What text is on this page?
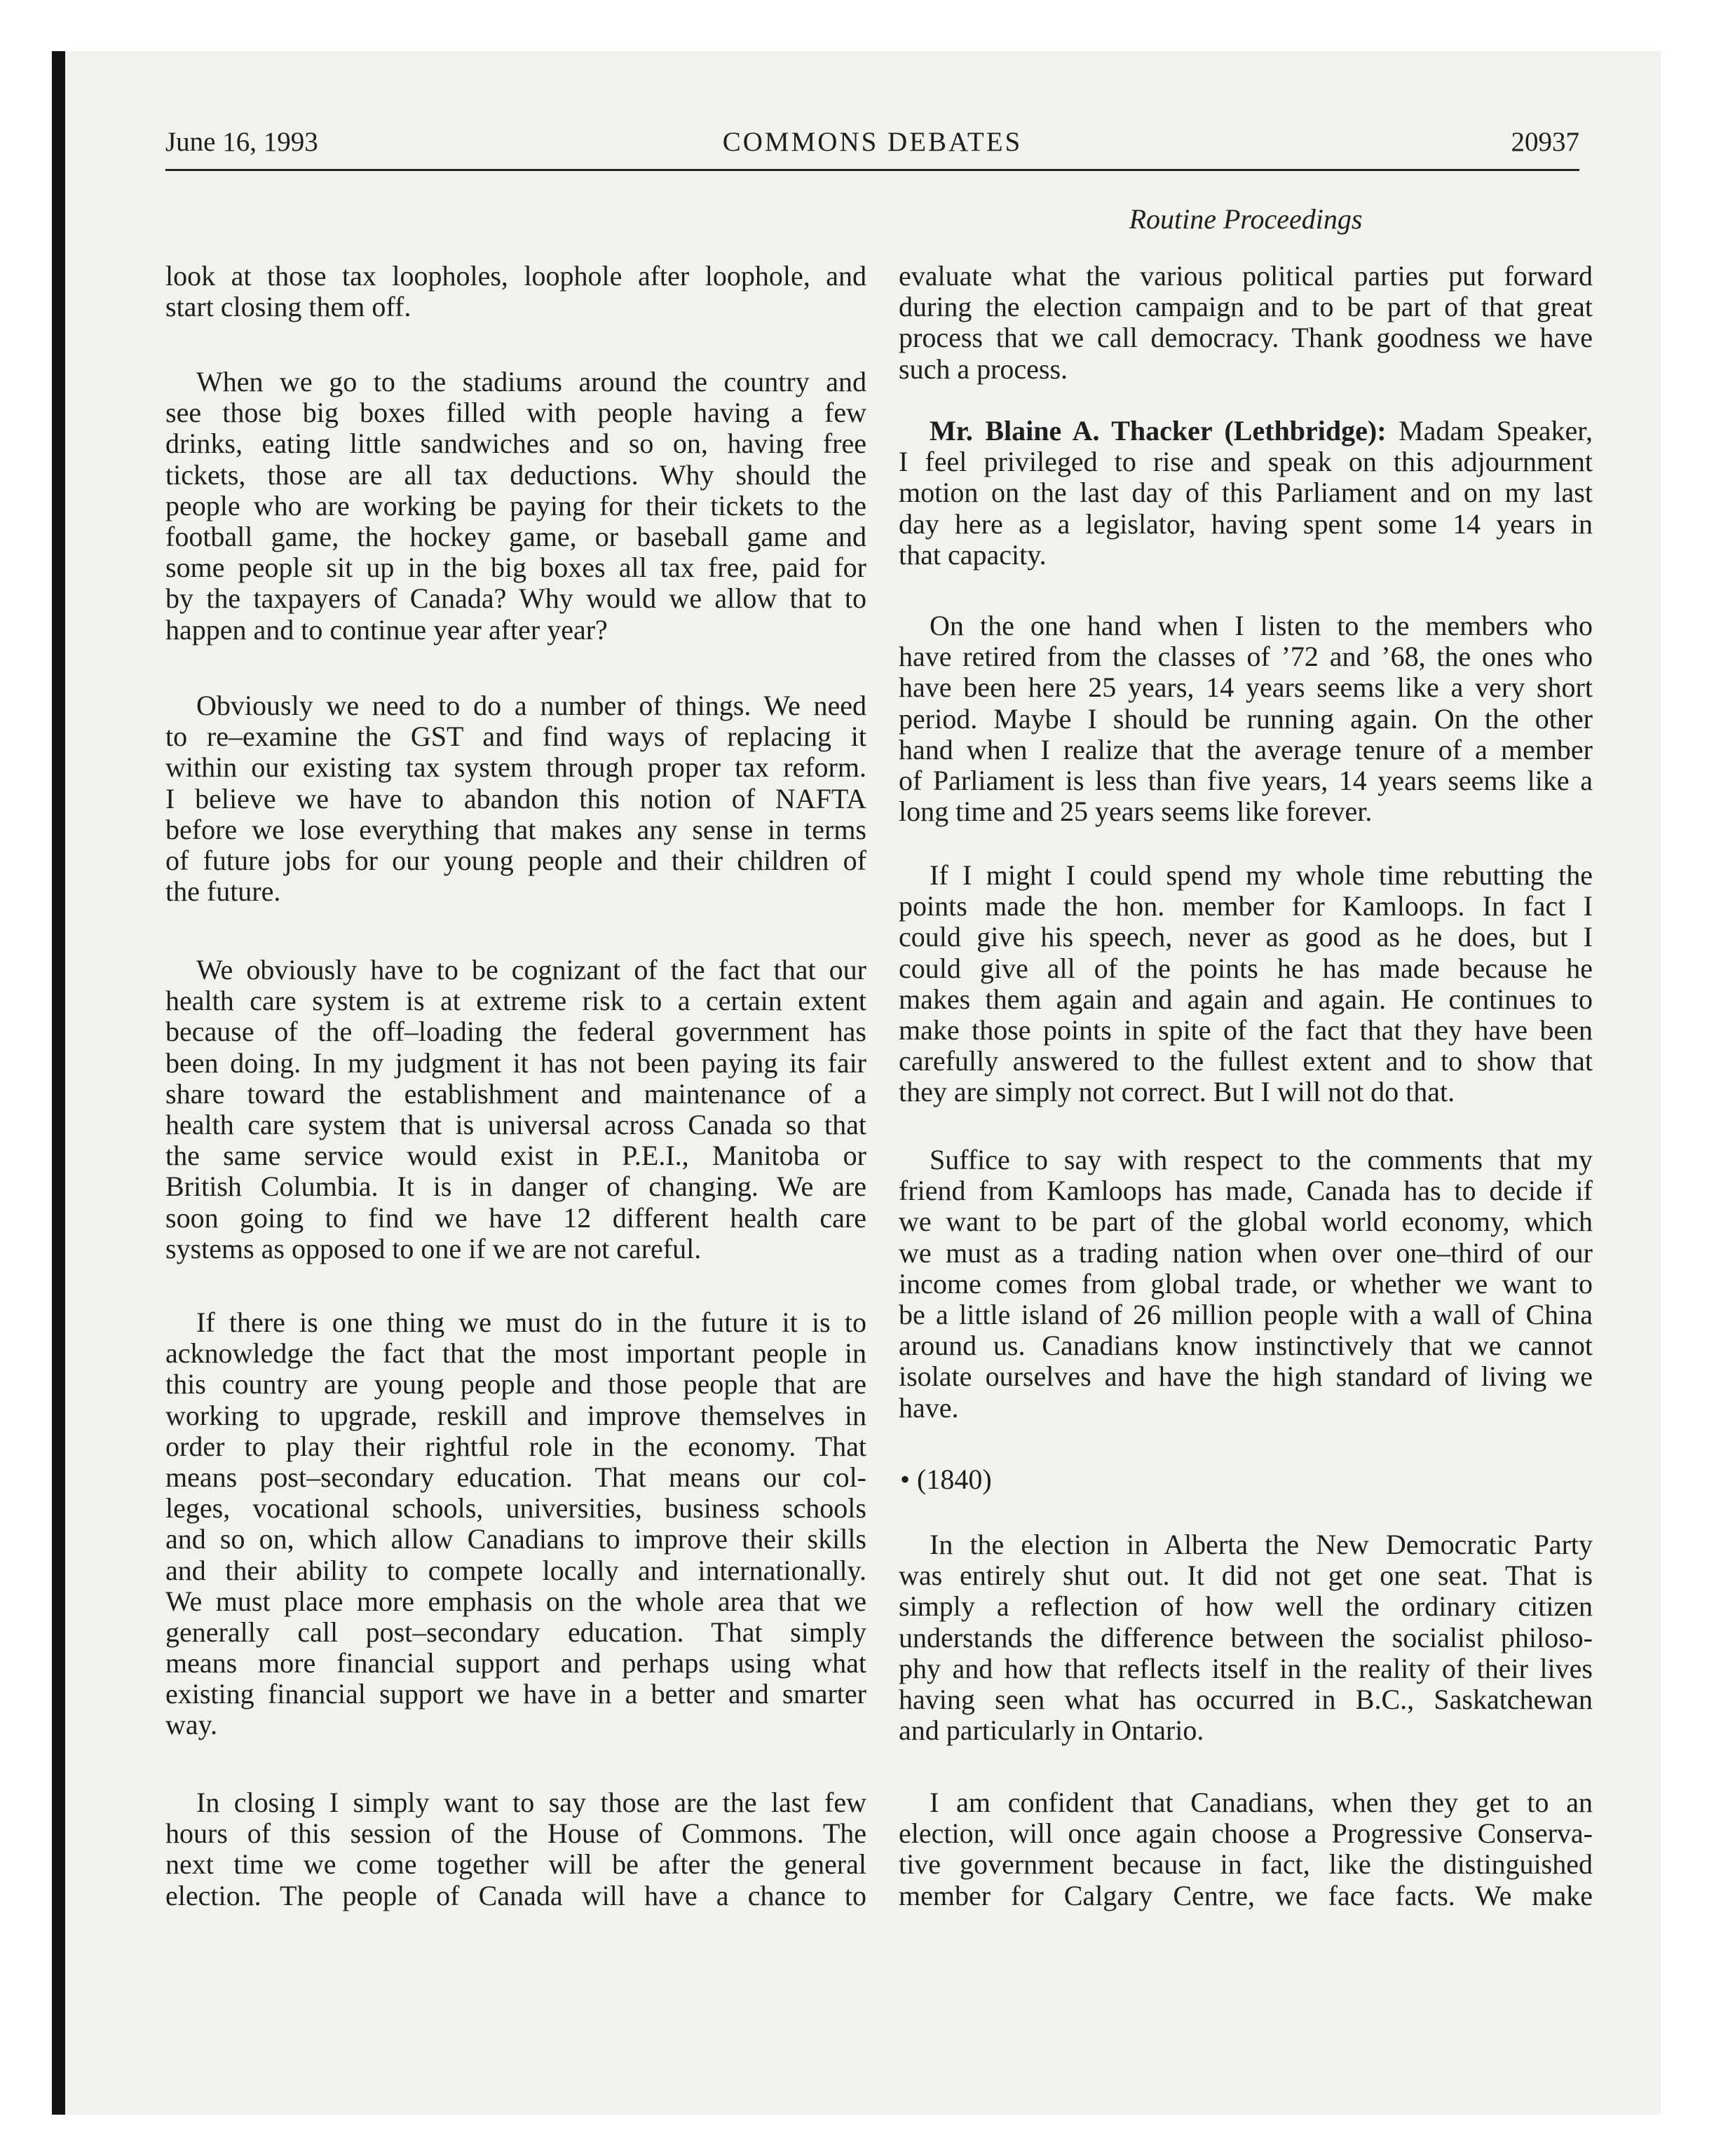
June 16, 1993	COMMONS DEBATES	20937
Routine Proceedings
look at those tax loopholes, loophole after loophole, and
start closing them off.
When we go to the stadiums around the country and
see those big boxes filled with people having a few
drinks, eating little sandwiches and so on, having free
tickets, those are all tax deductions. Why should the
people who are working be paying for their tickets to the
football game, the hockey game, or baseball game and
some people sit up in the big boxes all tax free, paid for
by the taxpayers of Canada? Why would we allow that to
happen and to continue year after year?
Obviously we need to do a number of things. We need
to re–examine the GST and find ways of replacing it
within our existing tax system through proper tax reform.
I believe we have to abandon this notion of NAFTA
before we lose everything that makes any sense in terms
of future jobs for our young people and their children of
the future.
We obviously have to be cognizant of the fact that our
health care system is at extreme risk to a certain extent
because of the off–loading the federal government has
been doing. In my judgment it has not been paying its fair
share toward the establishment and maintenance of a
health care system that is universal across Canada so that
the same service would exist in P.E.I., Manitoba or
British Columbia. It is in danger of changing. We are
soon going to find we have 12 different health care
systems as opposed to one if we are not careful.
If there is one thing we must do in the future it is to
acknowledge the fact that the most important people in
this country are young people and those people that are
working to upgrade, reskill and improve themselves in
order to play their rightful role in the economy. That
means post–secondary education. That means our col-
leges, vocational schools, universities, business schools
and so on, which allow Canadians to improve their skills
and their ability to compete locally and internationally.
We must place more emphasis on the whole area that we
generally call post–secondary education. That simply
means more financial support and perhaps using what
existing financial support we have in a better and smarter
way.
In closing I simply want to say those are the last few
hours of this session of the House of Commons. The
next time we come together will be after the general
election. The people of Canada will have a chance to
evaluate what the various political parties put forward
during the election campaign and to be part of that great
process that we call democracy. Thank goodness we have
such a process.
Mr. Blaine A. Thacker (Lethbridge): Madam Speaker,
I feel privileged to rise and speak on this adjournment
motion on the last day of this Parliament and on my last
day here as a legislator, having spent some 14 years in
that capacity.
On the one hand when I listen to the members who
have retired from the classes of ’72 and ’68, the ones who
have been here 25 years, 14 years seems like a very short
period. Maybe I should be running again. On the other
hand when I realize that the average tenure of a member
of Parliament is less than five years, 14 years seems like a
long time and 25 years seems like forever.
If I might I could spend my whole time rebutting the
points made the hon. member for Kamloops. In fact I
could give his speech, never as good as he does, but I
could give all of the points he has made because he
makes them again and again and again. He continues to
make those points in spite of the fact that they have been
carefully answered to the fullest extent and to show that
they are simply not correct. But I will not do that.
Suffice to say with respect to the comments that my
friend from Kamloops has made, Canada has to decide if
we want to be part of the global world economy, which
we must as a trading nation when over one–third of our
income comes from global trade, or whether we want to
be a little island of 26 million people with a wall of China
around us. Canadians know instinctively that we cannot
isolate ourselves and have the high standard of living we
have.
• (1840)
In the election in Alberta the New Democratic Party
was entirely shut out. It did not get one seat. That is
simply a reflection of how well the ordinary citizen
understands the difference between the socialist philoso-
phy and how that reflects itself in the reality of their lives
having seen what has occurred in B.C., Saskatchewan
and particularly in Ontario.
I am confident that Canadians, when they get to an
election, will once again choose a Progressive Conserva-
tive government because in fact, like the distinguished
member for Calgary Centre, we face facts. We make
